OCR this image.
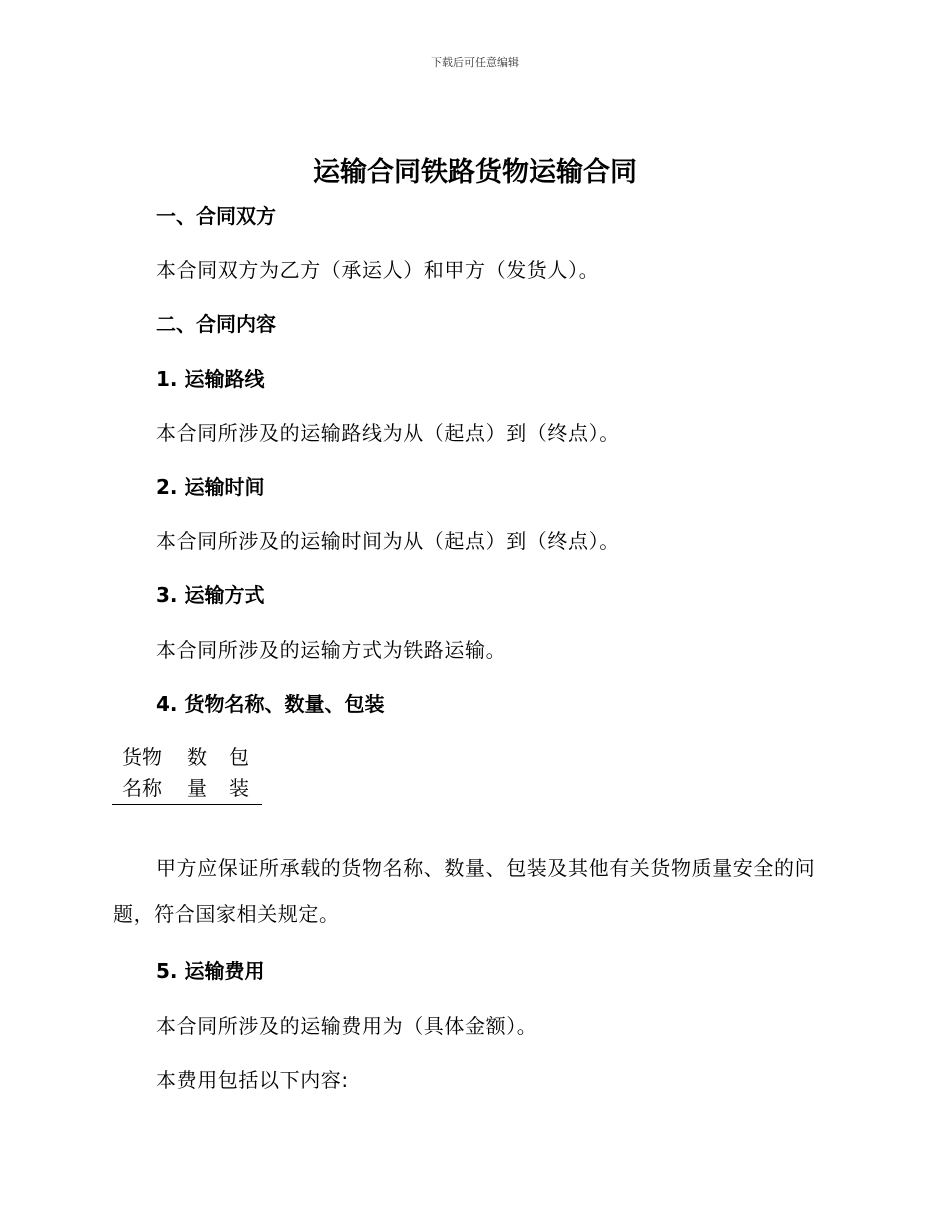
下载后可任意编辑
运输合同铁路货物运输合同
一、合同双方
本合同双方为乙方（承运人）和甲方（发货人）。
二、合同内容
1. 运输路线
本合同所涉及的运输路线为从（起点）到（终点）。
2. 运输时间
本合同所涉及的运输时间为从（起点）到（终点）。
3. 运输方式
本合同所涉及的运输方式为铁路运输。
4. 货物名称、数量、包装
货物
名称
数
量
包
装
甲方应保证所承载的货物名称、数量、包装及其他有关货物质量安全的问题，符合国家相关规定。
5. 运输费用
本合同所涉及的运输费用为（具体金额）。
本费用包括以下内容:
